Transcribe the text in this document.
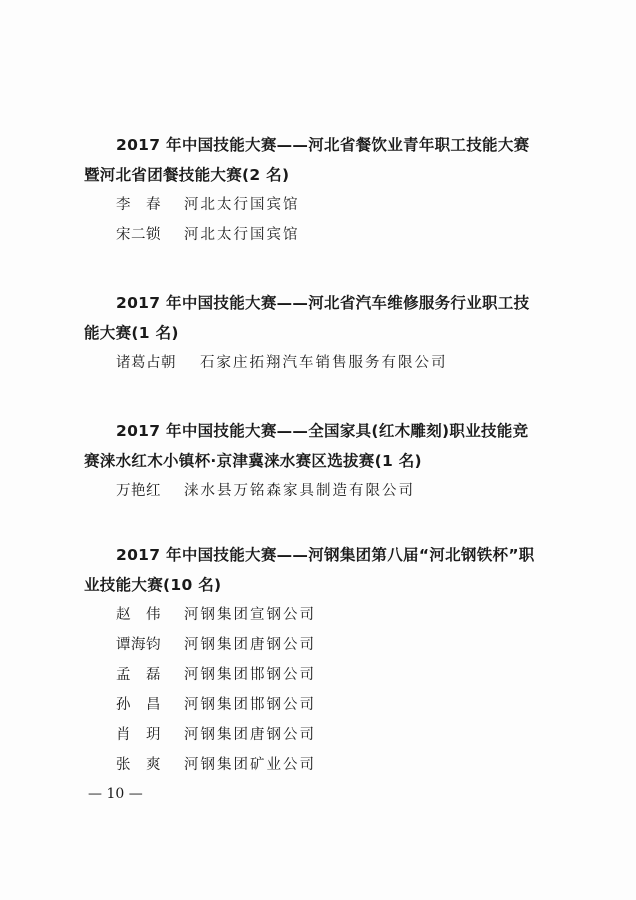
2017 年中国技能大赛——河北省餐饮业青年职工技能大赛
暨河北省团餐技能大赛(2 名)
李　春	河北太行国宾馆
宋二锁	河北太行国宾馆
2017 年中国技能大赛——河北省汽车维修服务行业职工技
能大赛(1 名)
诸葛占朝	石家庄拓翔汽车销售服务有限公司
2017 年中国技能大赛——全国家具(红木雕刻)职业技能竞
赛涞水红木小镇杯·京津冀涞水赛区选拔赛(1 名)
万艳红	涞水县万铭森家具制造有限公司
2017 年中国技能大赛——河钢集团第八届“河北钢铁杯”职
业技能大赛(10 名)
赵　伟	河钢集团宣钢公司
谭海钧	河钢集团唐钢公司
孟　磊	河钢集团邯钢公司
孙　昌	河钢集团邯钢公司
肖　玥	河钢集团唐钢公司
张　爽	河钢集团矿业公司
— 10 —
